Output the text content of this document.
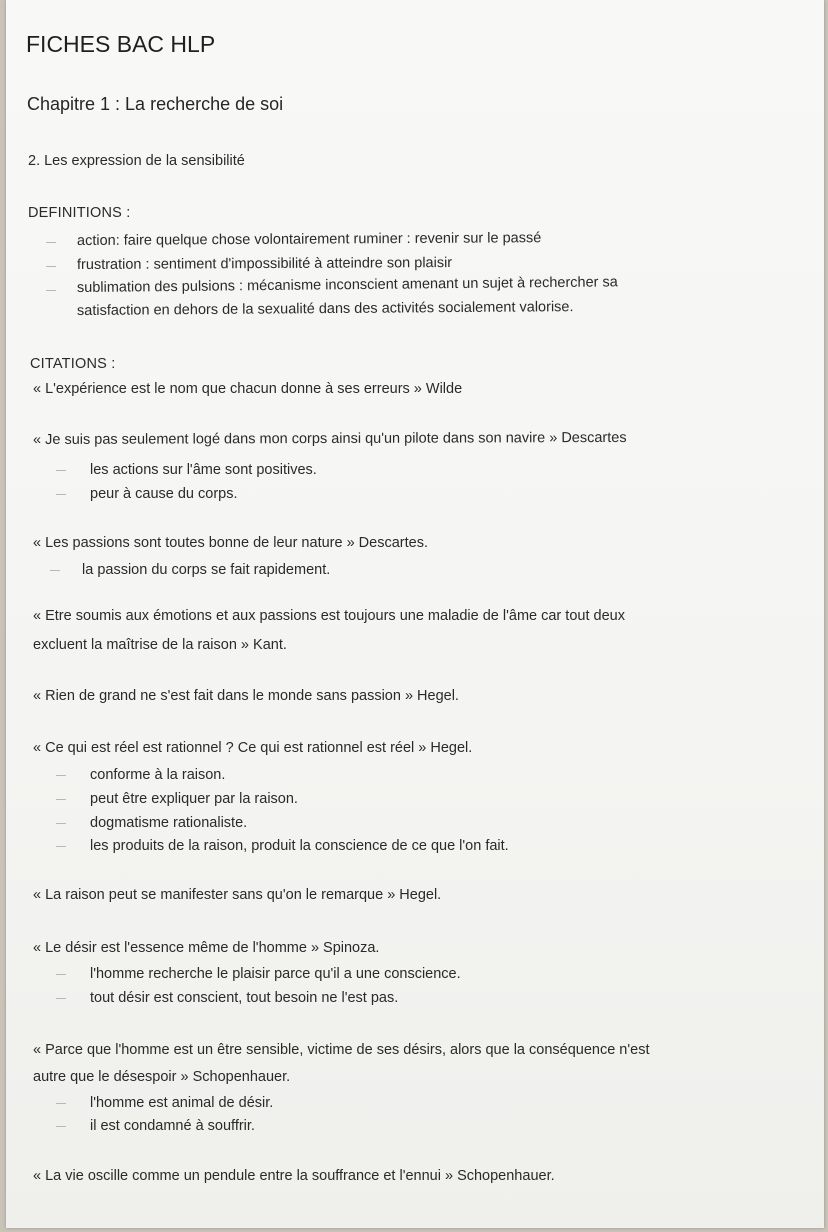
FICHES BAC HLP
Chapitre 1 : La recherche de soi
2. Les expression de la sensibilité
DEFINITIONS :
action: faire quelque chose volontairement ruminer : revenir sur le passé
frustration : sentiment d'impossibilité à atteindre son plaisir
sublimation des pulsions : mécanisme inconscient amenant un sujet à rechercher sa
satisfaction en dehors de la sexualité dans des activités socialement valorise.
CITATIONS :
« L'expérience est le nom que chacun donne à ses erreurs » Wilde
« Je suis pas seulement logé dans mon corps ainsi qu'un pilote dans son navire » Descartes
les actions sur l'âme sont positives.
peur à cause du corps.
« Les passions sont toutes bonne de leur nature » Descartes.
la passion du corps se fait rapidement.
« Etre soumis aux émotions et aux passions est toujours une maladie de l'âme car tout deux
excluent la maîtrise de la raison » Kant.
« Rien de grand ne s'est fait dans le monde sans passion » Hegel.
« Ce qui est réel est rationnel ? Ce qui est rationnel est réel » Hegel.
conforme à la raison.
peut être expliquer par la raison.
dogmatisme rationaliste.
les produits de la raison, produit la conscience de ce que l'on fait.
« La raison peut se manifester sans qu'on le remarque » Hegel.
« Le désir est l'essence même de l'homme » Spinoza.
l'homme recherche le plaisir parce qu'il a une conscience.
tout désir est conscient, tout besoin ne l'est pas.
« Parce que l'homme est un être sensible, victime de ses désirs, alors que la conséquence n'est
autre que le désespoir » Schopenhauer.
l'homme est animal de désir.
il est condamné à souffrir.
« La vie oscille comme un pendule entre la souffrance et l'ennui » Schopenhauer.
